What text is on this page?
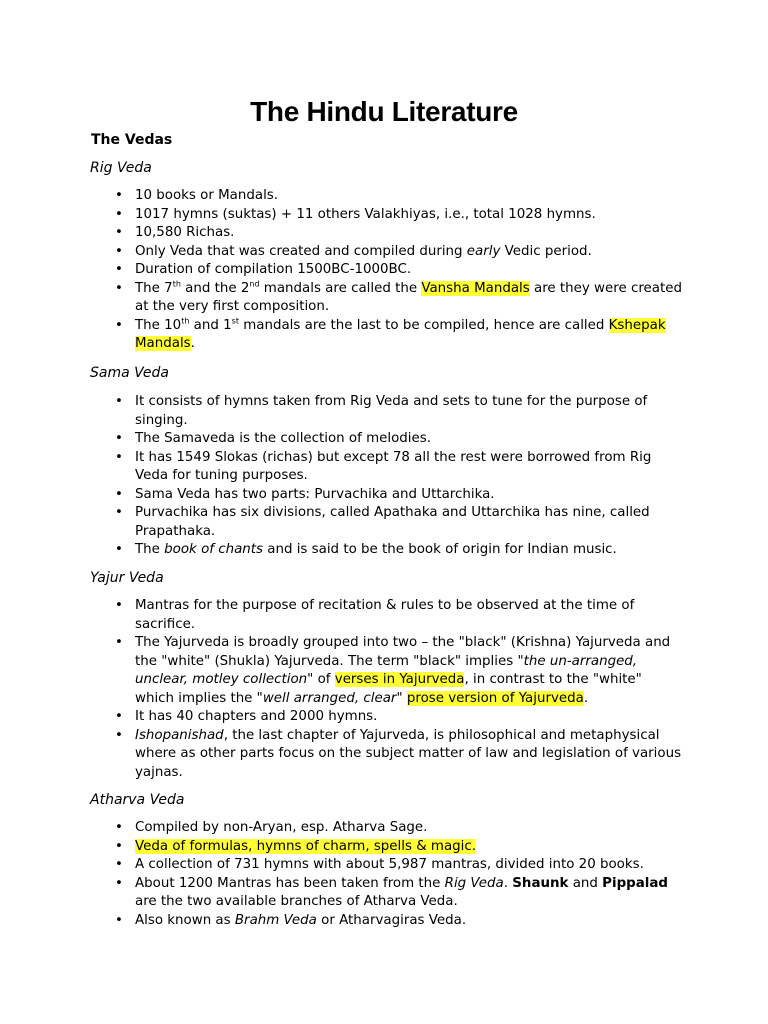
The Hindu Literature
The Vedas

Rig Veda

• 10 books or Mandals.
• 1017 hymns (suktas) + 11 others Valakhiyas, i.e., total 1028 hymns.
• 10,580 Richas.
• Only Veda that was created and compiled during early Vedic period.
• Duration of compilation 1500BC-1000BC.
• The 7th and the 2nd mandals are called the Vansha Mandals are they were created at the very first composition.
• The 10th and 1st mandals are the last to be compiled, hence are called Kshepak Mandals.

Sama Veda

• It consists of hymns taken from Rig Veda and sets to tune for the purpose of singing.
• The Samaveda is the collection of melodies.
• It has 1549 Slokas (richas) but except 78 all the rest were borrowed from Rig Veda for tuning purposes.
• Sama Veda has two parts: Purvachika and Uttarchika.
• Purvachika has six divisions, called Apathaka and Uttarchika has nine, called Prapathaka.
• The book of chants and is said to be the book of origin for Indian music.

Yajur Veda

• Mantras for the purpose of recitation & rules to be observed at the time of sacrifice.
• The Yajurveda is broadly grouped into two – the "black" (Krishna) Yajurveda and the "white" (Shukla) Yajurveda. The term "black" implies "the un-arranged, unclear, motley collection" of verses in Yajurveda, in contrast to the "white" which implies the "well arranged, clear" prose version of Yajurveda.
• It has 40 chapters and 2000 hymns.
• Ishopanishad, the last chapter of Yajurveda, is philosophical and metaphysical where as other parts focus on the subject matter of law and legislation of various yajnas.

Atharva Veda

• Compiled by non-Aryan, esp. Atharva Sage.
• Veda of formulas, hymns of charm, spells & magic.
• A collection of 731 hymns with about 5,987 mantras, divided into 20 books.
• About 1200 Mantras has been taken from the Rig Veda. Shaunk and Pippalad are the two available branches of Atharva Veda.
• Also known as Brahm Veda or Atharvagiras Veda.
